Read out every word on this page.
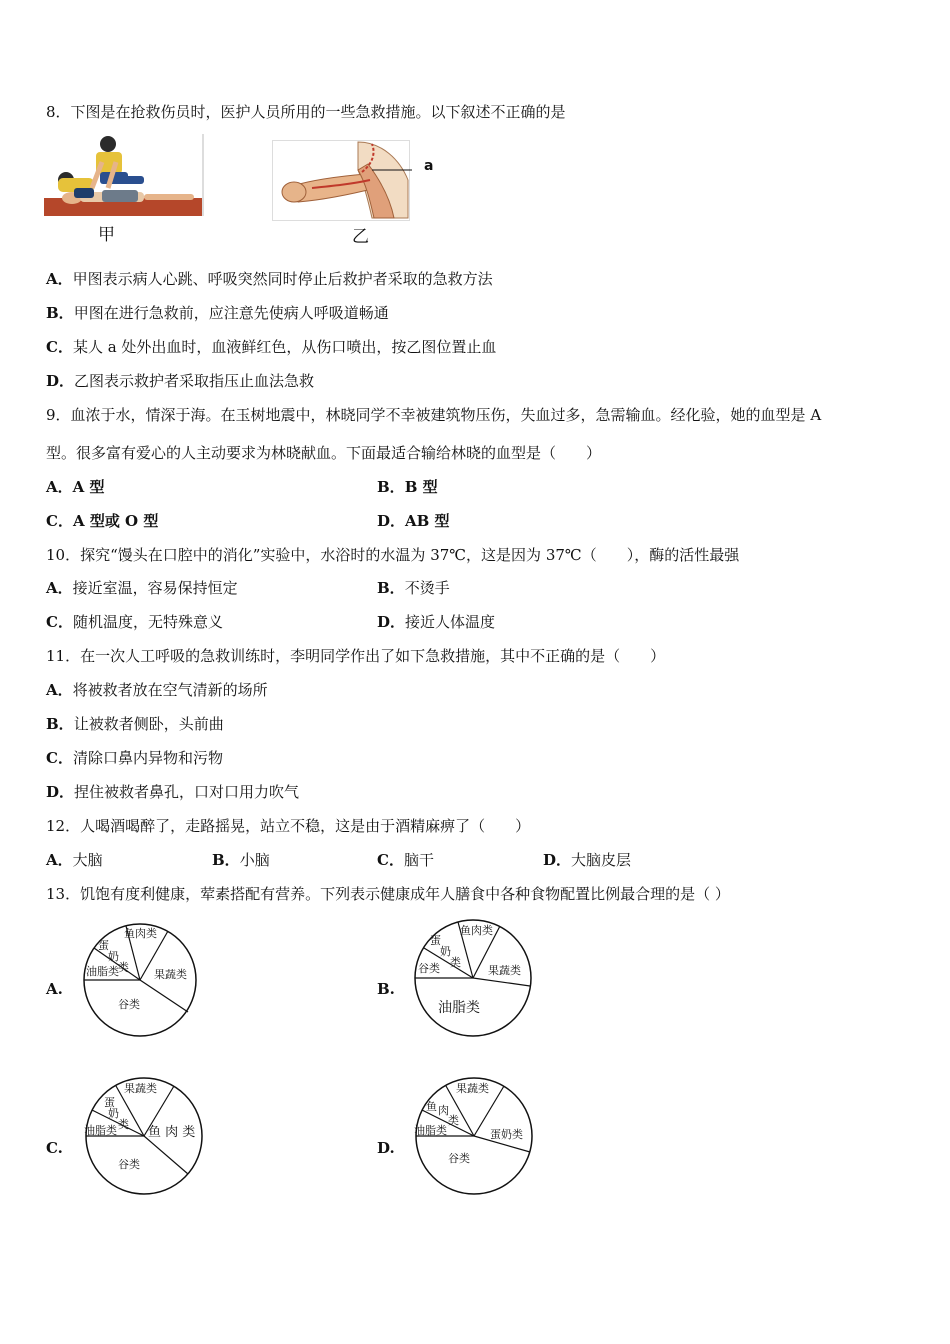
8．下图是在抢救伤员时，医护人员所用的一些急救措施。以下叙述不正确的是
甲
a
乙
A．甲图表示病人心跳、呼吸突然同时停止后救护者采取的急救方法
B．甲图在进行急救前，应注意先使病人呼吸道畅通
C．某人 a 处外出血时，血液鲜红色，从伤口喷出，按乙图位置止血
D．乙图表示救护者采取指压止血法急救
9．血浓于水，情深于海。在玉树地震中，林晓同学不幸被建筑物压伤，失血过多，急需输血。经化验，她的血型是 A
型。很多富有爱心的人主动要求为林晓献血。下面最适合输给林晓的血型是（　　）
A．A 型	B．B 型
C．A 型或 O 型	D．AB 型
10．探究“馒头在口腔中的消化”实验中，水浴时的水温为 37℃，这是因为 37℃（　　），酶的活性最强
A．接近室温，容易保持恒定	B．不烫手
C．随机温度，无特殊意义	D．接近人体温度
11．在一次人工呼吸的急救训练时，李明同学作出了如下急救措施，其中不正确的是（　　）
A．将被救者放在空气清新的场所
B．让被救者侧卧，头前曲
C．清除口鼻内异物和污物
D．捏住被救者鼻孔，口对口用力吹气
12．人喝酒喝醉了，走路摇晃，站立不稳，这是由于酒精麻痹了（　　）
A．大脑	B．小脑	C．脑干	D．大脑皮层
13．饥饱有度利健康，荤素搭配有营养。下列表示健康成年人膳食中各种食物配置比例最合理的是（ ）
A.
鱼肉类
蛋
奶
类
油脂类	果蔬类
谷类
B.
鱼肉类
蛋
奶
类
谷类	果蔬类
油脂类
C.
果蔬类
蛋
奶
类
油脂类 鱼 肉 类
谷类
D.
果蔬类
鱼 肉
类
油脂类	蛋奶类
谷类
